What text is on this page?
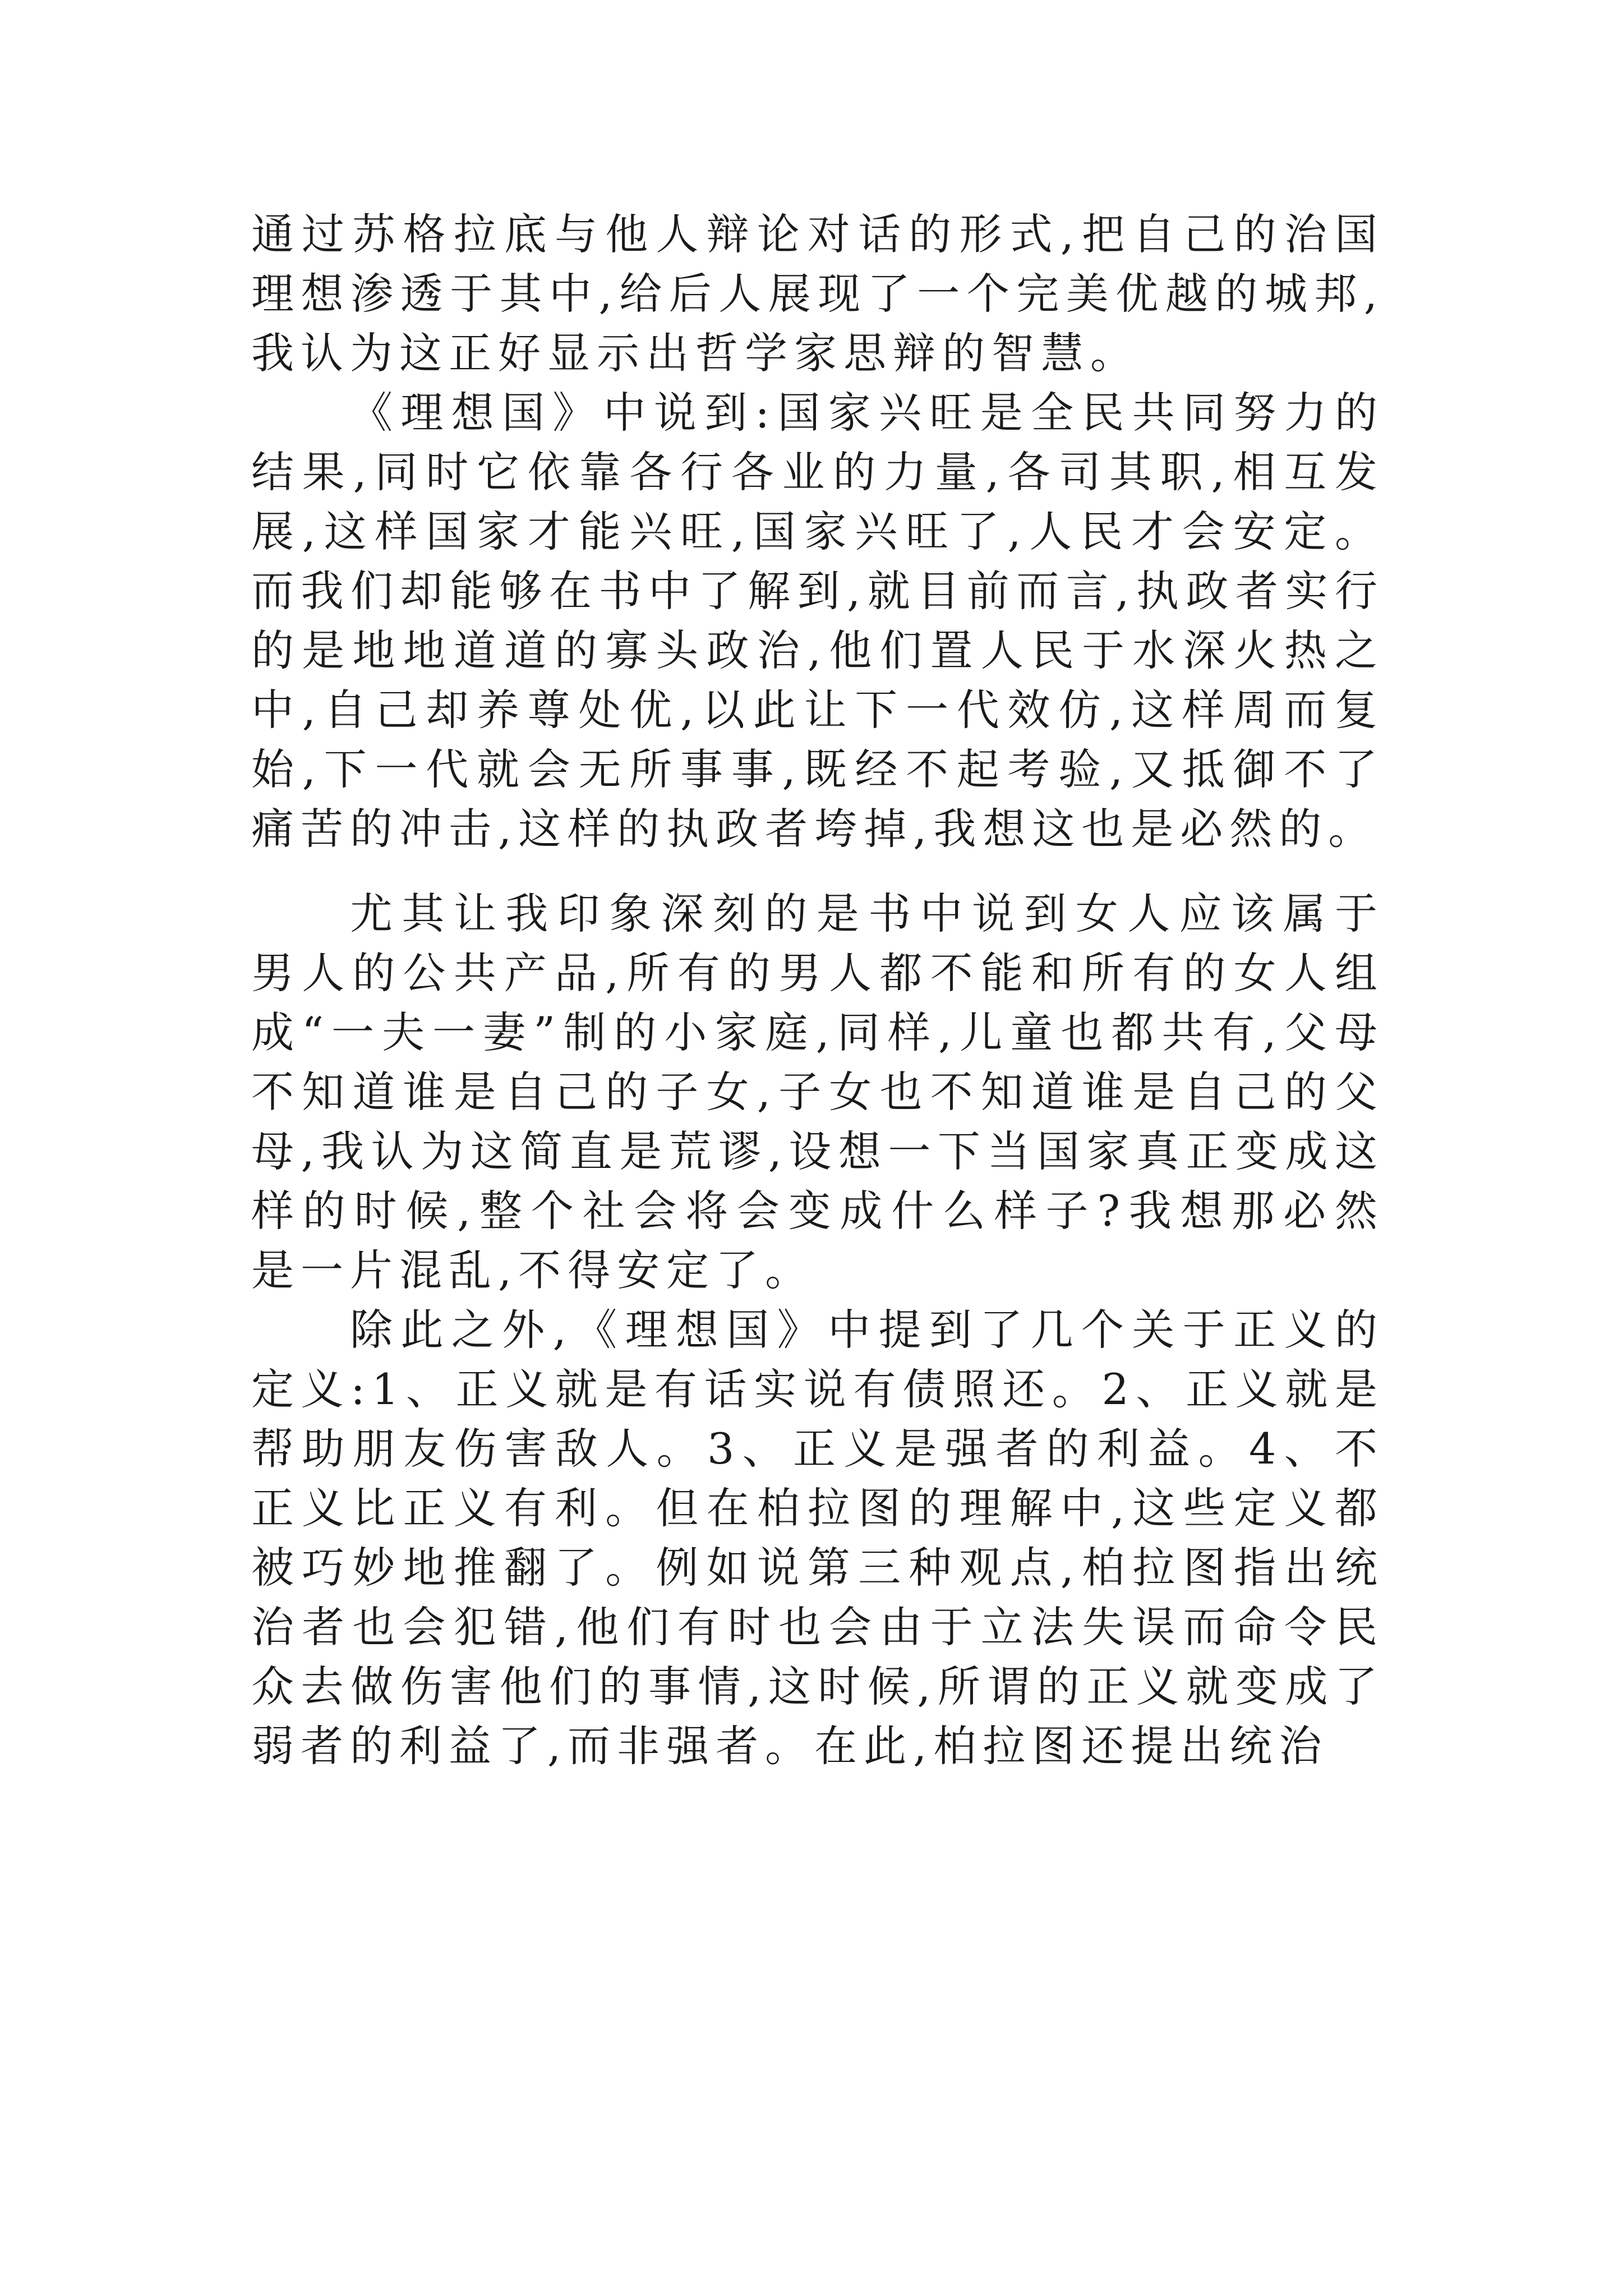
通过苏格拉底与他人辩论对话的形式,把自己的治国理想渗透于其中,给后人展现了一个完美优越的城邦,我认为这正好显示出哲学家思辩的智慧。

《理想国》中说到:国家兴旺是全民共同努力的结果,同时它依靠各行各业的力量,各司其职,相互发展,这样国家才能兴旺,国家兴旺了,人民才会安定。而我们却能够在书中了解到,就目前而言,执政者实行的是地地道道的寡头政治,他们置人民于水深火热之中,自己却养尊处优,以此让下一代效仿,这样周而复始,下一代就会无所事事,既经不起考验,又抵御不了痛苦的冲击,这样的执政者垮掉,我想这也是必然的。

尤其让我印象深刻的是书中说到女人应该属于男人的公共产品,所有的男人都不能和所有的女人组成“一夫一妻”制的小家庭,同样,儿童也都共有,父母不知道谁是自己的子女,子女也不知道谁是自己的父母,我认为这简直是荒谬,设想一下当国家真正变成这样的时候,整个社会将会变成什么样子?我想那必然是一片混乱,不得安定了。

除此之外,《理想国》中提到了几个关于正义的定义:1、正义就是有话实说有债照还。2、正义就是帮助朋友伤害敌人。3、正义是强者的利益。4、不正义比正义有利。但在柏拉图的理解中,这些定义都被巧妙地推翻了。例如说第三种观点,柏拉图指出统治者也会犯错,他们有时也会由于立法失误而命令民众去做伤害他们的事情,这时候,所谓的正义就变成了弱者的利益了,而非强者。在此,柏拉图还提出统治
